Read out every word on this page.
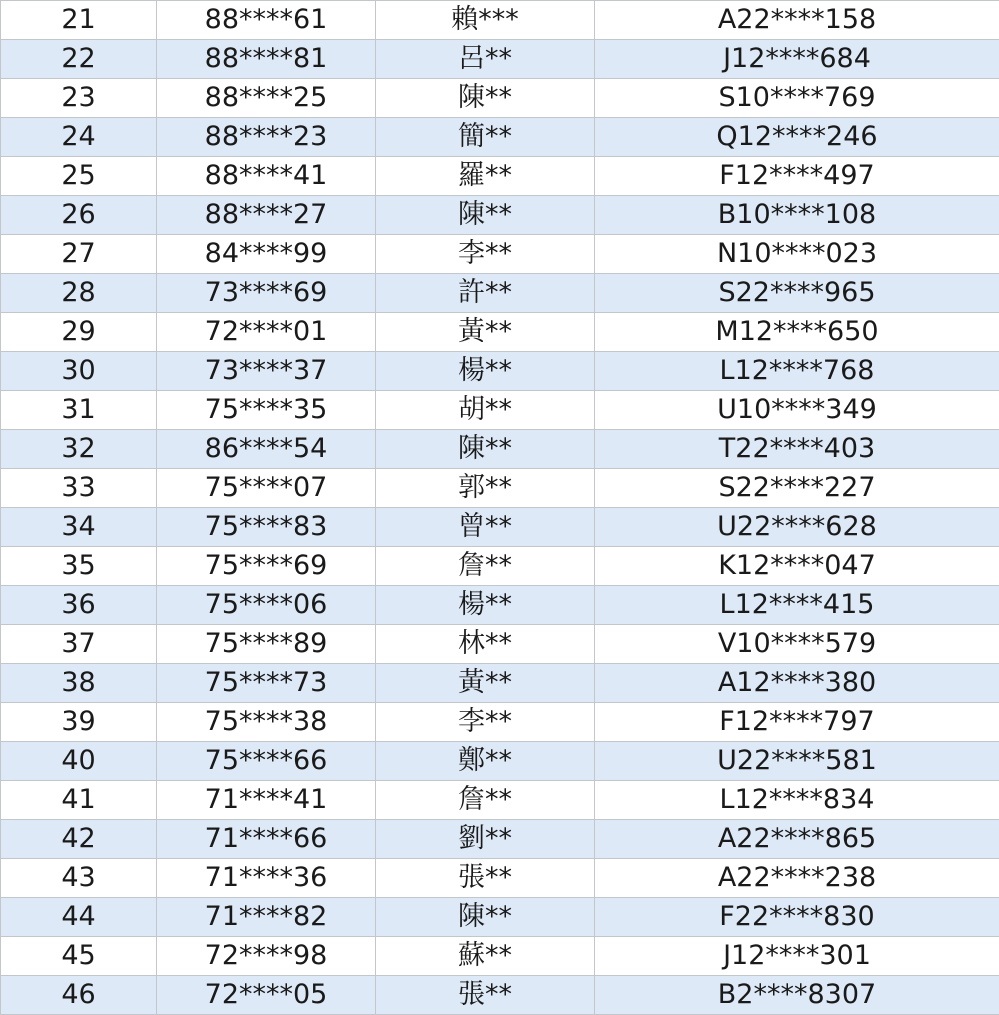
21	88****61	賴***	A22****158
22	88****81	呂**	J12****684
23	88****25	陳**	S10****769
24	88****23	簡**	Q12****246
25	88****41	羅**	F12****497
26	88****27	陳**	B10****108
27	84****99	李**	N10****023
28	73****69	許**	S22****965
29	72****01	黃**	M12****650
30	73****37	楊**	L12****768
31	75****35	胡**	U10****349
32	86****54	陳**	T22****403
33	75****07	郭**	S22****227
34	75****83	曾**	U22****628
35	75****69	詹**	K12****047
36	75****06	楊**	L12****415
37	75****89	林**	V10****579
38	75****73	黃**	A12****380
39	75****38	李**	F12****797
40	75****66	鄭**	U22****581
41	71****41	詹**	L12****834
42	71****66	劉**	A22****865
43	71****36	張**	A22****238
44	71****82	陳**	F22****830
45	72****98	蘇**	J12****301
46	72****05	張**	B2****8307
